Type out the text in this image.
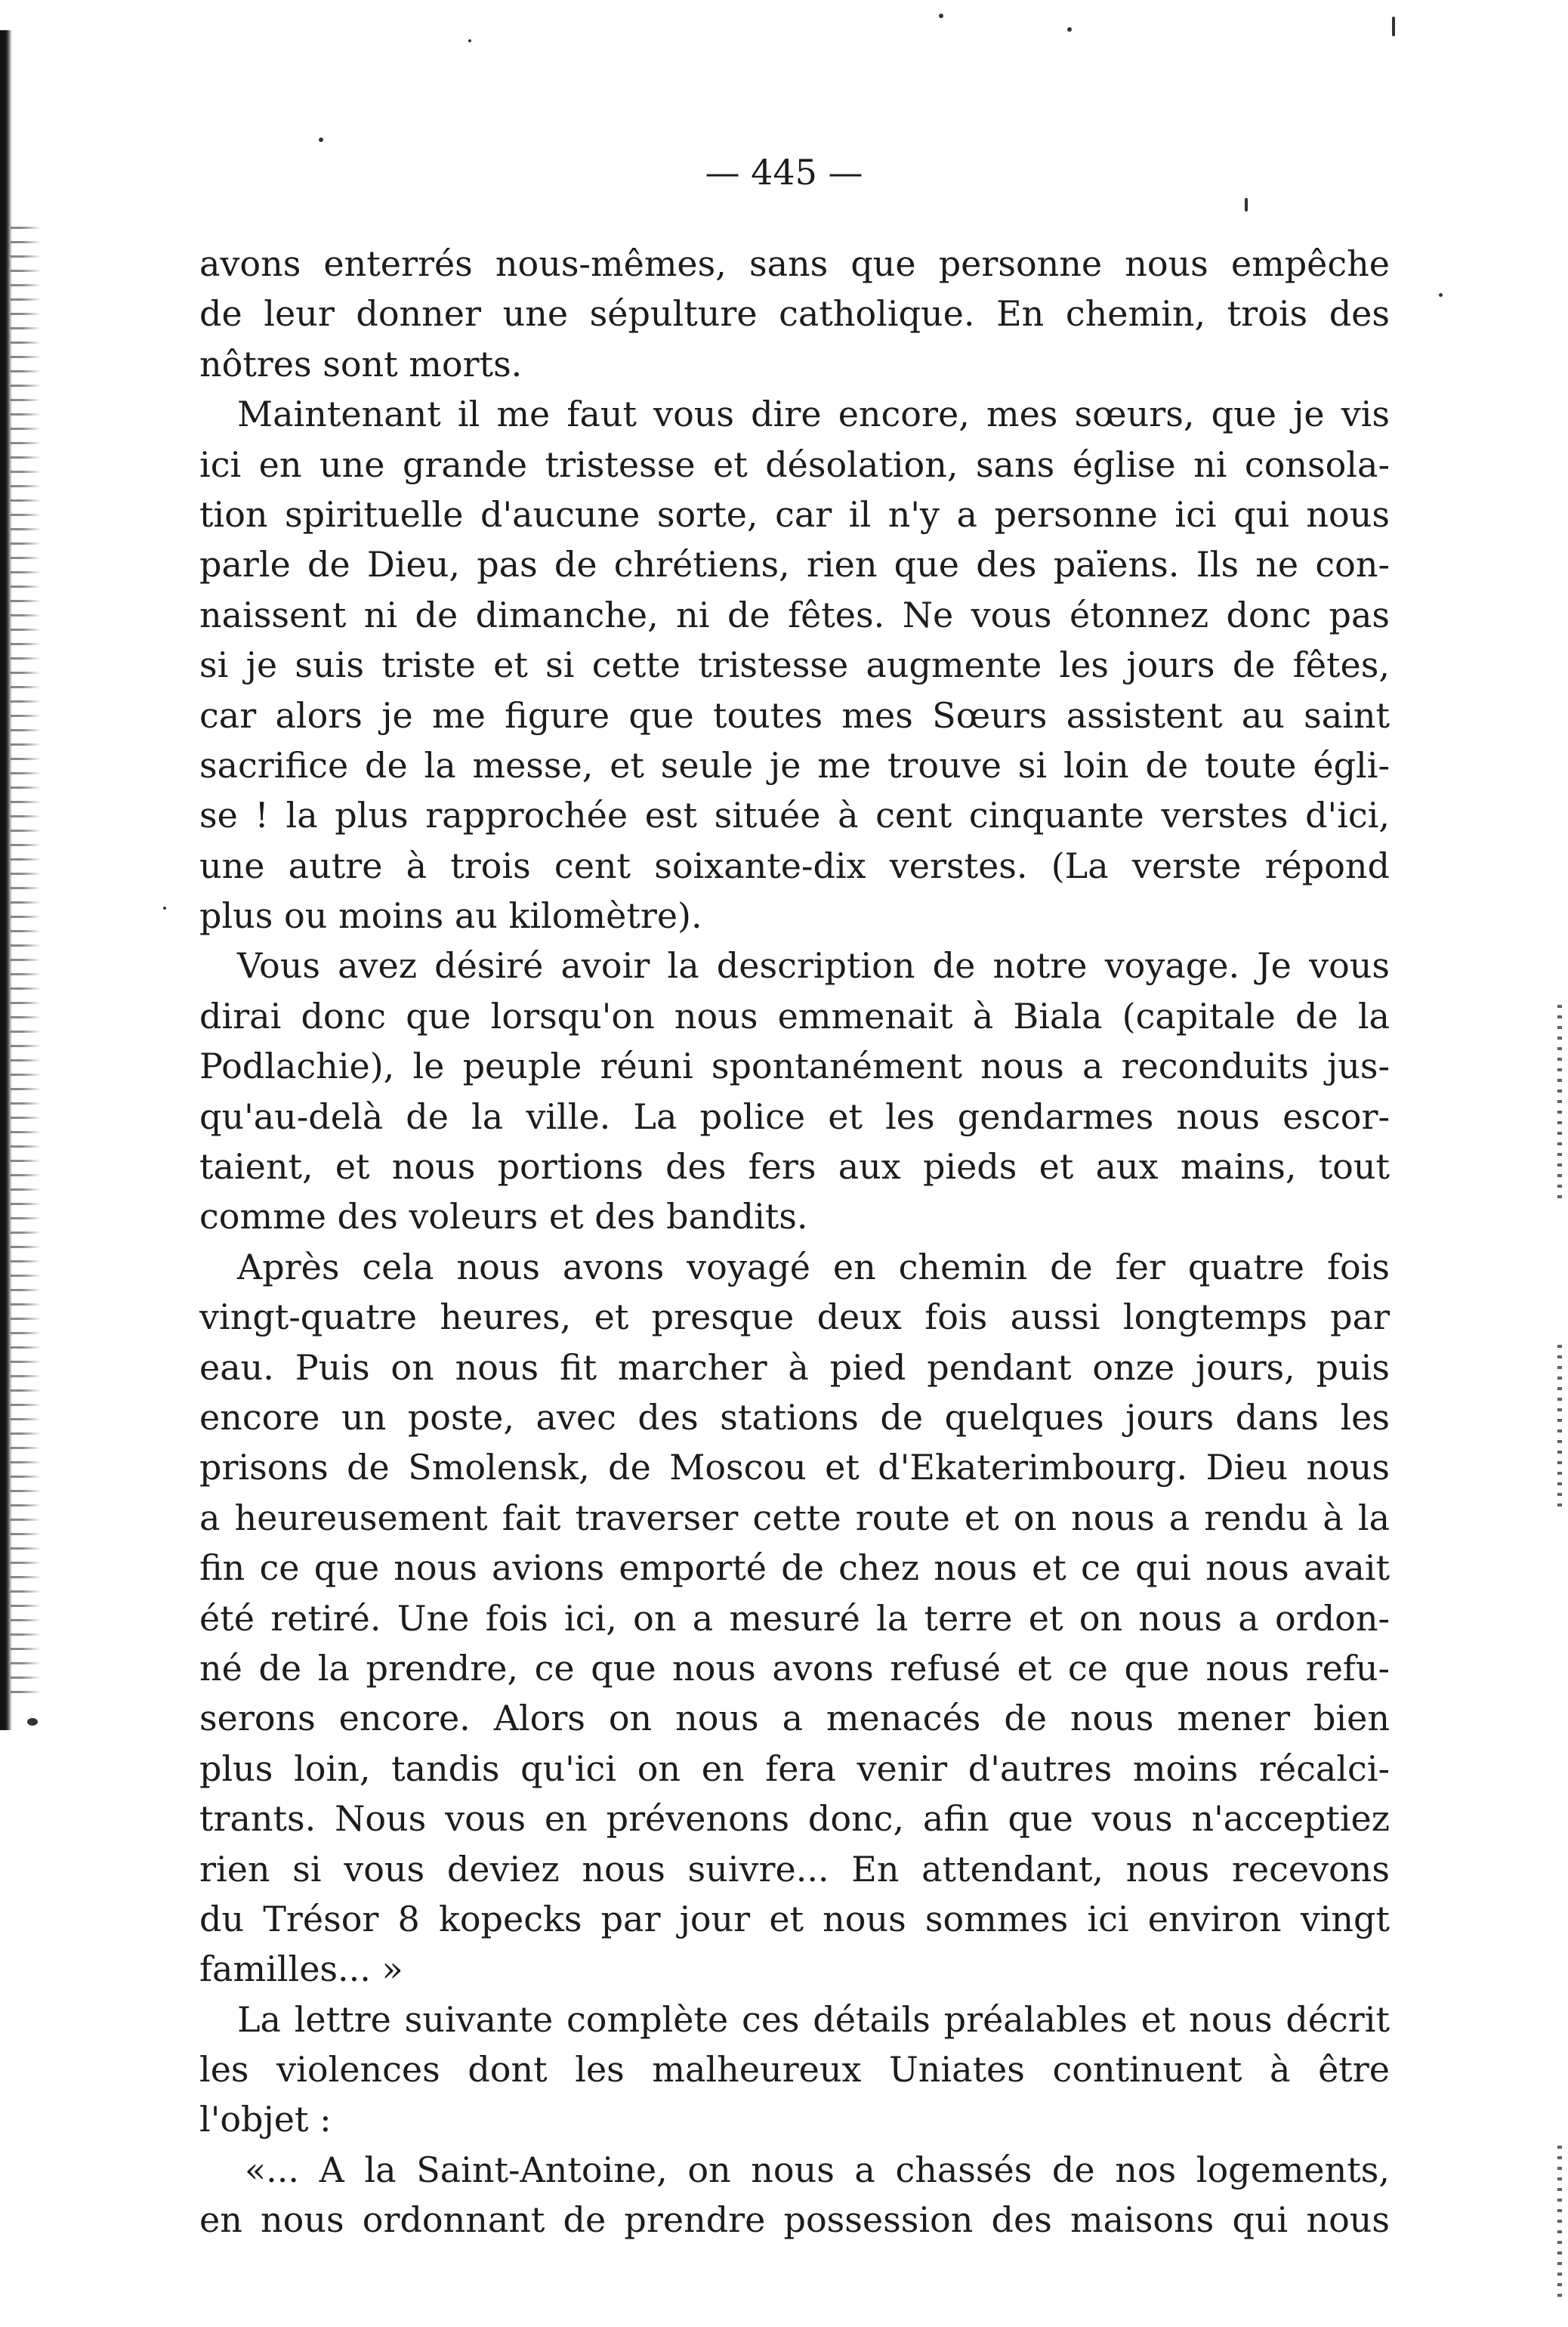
— 445 —
avons enterrés nous-mêmes, sans que personne nous empêche
de leur donner une sépulture catholique. En chemin, trois des
nôtres sont morts.
Maintenant il me faut vous dire encore, mes sœurs, que je vis
ici en une grande tristesse et désolation, sans église ni consola-
tion spirituelle d'aucune sorte, car il n'y a personne ici qui nous
parle de Dieu, pas de chrétiens, rien que des païens. Ils ne con-
naissent ni de dimanche, ni de fêtes. Ne vous étonnez donc pas
si je suis triste et si cette tristesse augmente les jours de fêtes,
car alors je me figure que toutes mes Sœurs assistent au saint
sacrifice de la messe, et seule je me trouve si loin de toute égli-
se ! la plus rapprochée est située à cent cinquante verstes d'ici,
une autre à trois cent soixante-dix verstes. (La verste répond
plus ou moins au kilomètre).
Vous avez désiré avoir la description de notre voyage. Je vous
dirai donc que lorsqu'on nous emmenait à Biala (capitale de la
Podlachie), le peuple réuni spontanément nous a reconduits jus-
qu'au-delà de la ville. La police et les gendarmes nous escor-
taient, et nous portions des fers aux pieds et aux mains, tout
comme des voleurs et des bandits.
Après cela nous avons voyagé en chemin de fer quatre fois
vingt-quatre heures, et presque deux fois aussi longtemps par
eau. Puis on nous fit marcher à pied pendant onze jours, puis
encore un poste, avec des stations de quelques jours dans les
prisons de Smolensk, de Moscou et d'Ekaterimbourg. Dieu nous
a heureusement fait traverser cette route et on nous a rendu à la
fin ce que nous avions emporté de chez nous et ce qui nous avait
été retiré. Une fois ici, on a mesuré la terre et on nous a ordon-
né de la prendre, ce que nous avons refusé et ce que nous refu-
serons encore. Alors on nous a menacés de nous mener bien
plus loin, tandis qu'ici on en fera venir d'autres moins récalci-
trants. Nous vous en prévenons donc, afin que vous n'acceptiez
rien si vous deviez nous suivre... En attendant, nous recevons
du Trésor 8 kopecks par jour et nous sommes ici environ vingt
familles... »
La lettre suivante complète ces détails préalables et nous décrit
les violences dont les malheureux Uniates continuent à être
l'objet :
«... A la Saint-Antoine, on nous a chassés de nos logements,
en nous ordonnant de prendre possession des maisons qui nous
